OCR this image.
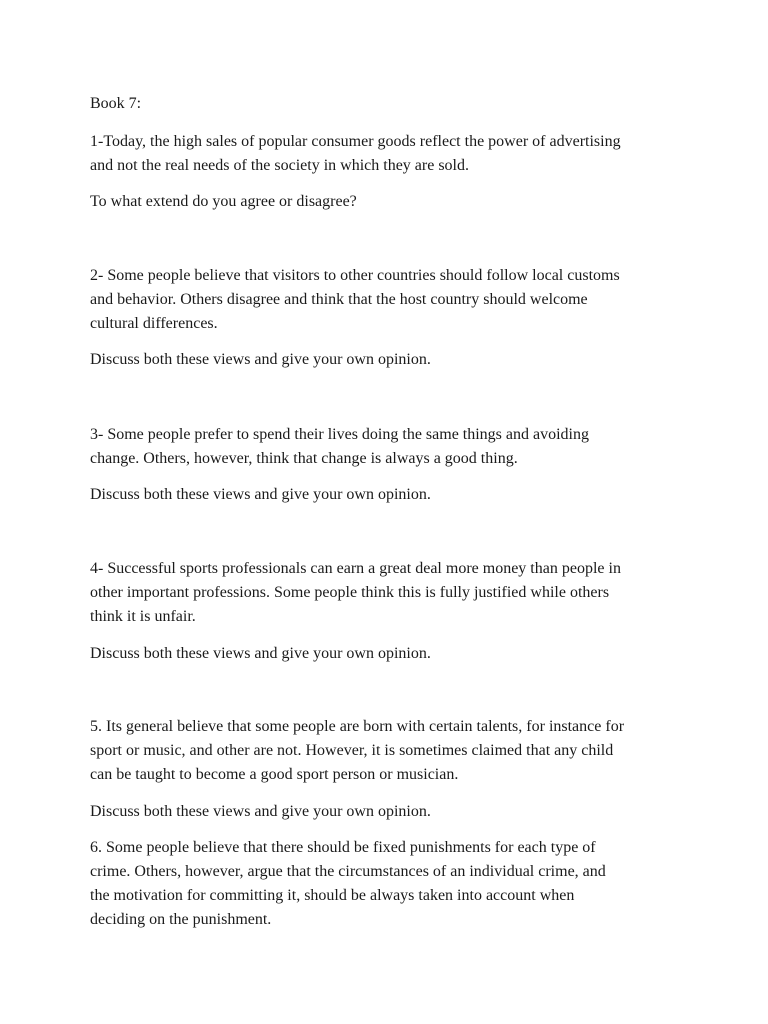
Book 7:

1-Today, the high sales of popular consumer goods reflect the power of advertising
and not the real needs of the society in which they are sold.

To what extend do you agree or disagree?

2- Some people believe that visitors to other countries should follow local customs
and behavior. Others disagree and think that the host country should welcome
cultural differences.

Discuss both these views and give your own opinion.

3- Some people prefer to spend their lives doing the same things and avoiding
change. Others, however, think that change is always a good thing.

Discuss both these views and give your own opinion.

4- Successful sports professionals can earn a great deal more money than people in
other important professions. Some people think this is fully justified while others
think it is unfair.

Discuss both these views and give your own opinion.

5. Its general believe that some people are born with certain talents, for instance for
sport or music, and other are not. However, it is sometimes claimed that any child
can be taught to become a good sport person or musician.

Discuss both these views and give your own opinion.

6. Some people believe that there should be fixed punishments for each type of
crime. Others, however, argue that the circumstances of an individual crime, and
the motivation for committing it, should be always taken into account when
deciding on the punishment.
